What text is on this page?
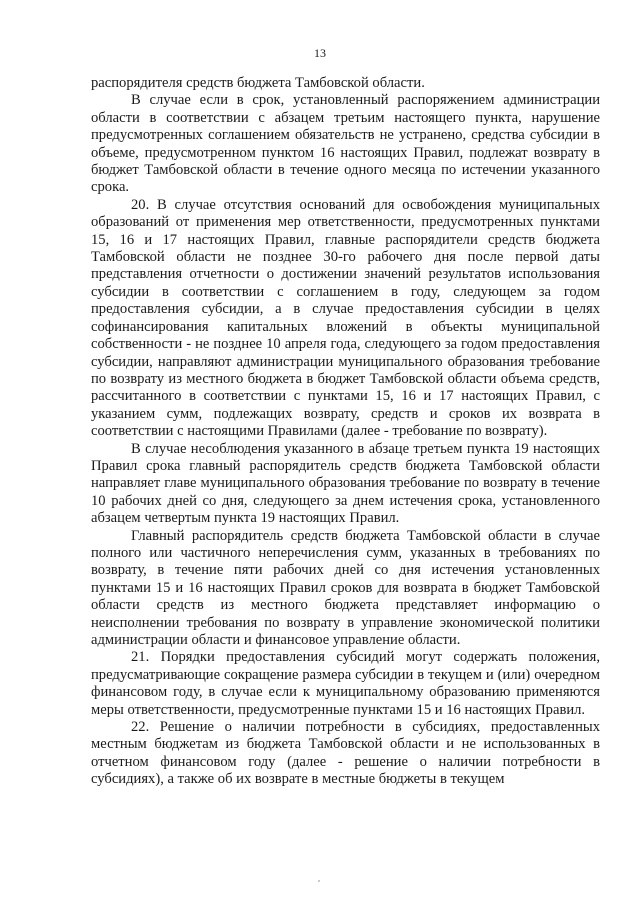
13

распорядителя средств бюджета Тамбовской области.

В случае если в срок, установленный распоряжением администрации области в соответствии с абзацем третьим настоящего пункта, нарушение предусмотренных соглашением обязательств не устранено, средства субсидии в объеме, предусмотренном пунктом 16 настоящих Правил, подлежат возврату в бюджет Тамбовской области в течение одного месяца по истечении указанного срока.

20. В случае отсутствия оснований для освобождения муниципальных образований от применения мер ответственности, предусмотренных пунктами 15, 16 и 17 настоящих Правил, главные распорядители средств бюджета Тамбовской области не позднее 30-го рабочего дня после первой даты представления отчетности о достижении значений результатов использования субсидии в соответствии с соглашением в году, следующем за годом предоставления субсидии, а в случае предоставления субсидии в целях софинансирования капитальных вложений в объекты муниципальной собственности - не позднее 10 апреля года, следующего за годом предоставления субсидии, направляют администрации муниципального образования требование по возврату из местного бюджета в бюджет Тамбовской области объема средств, рассчитанного в соответствии с пунктами 15, 16 и 17 настоящих Правил, с указанием сумм, подлежащих возврату, средств и сроков их возврата в соответствии с настоящими Правилами (далее - требование по возврату).

В случае несоблюдения указанного в абзаце третьем пункта 19 настоящих Правил срока главный распорядитель средств бюджета Тамбовской области направляет главе муниципального образования требование по возврату в течение 10 рабочих дней со дня, следующего за днем истечения срока, установленного абзацем четвертым пункта 19 настоящих Правил.

Главный распорядитель средств бюджета Тамбовской области в случае полного или частичного неперечисления сумм, указанных в требованиях по возврату, в течение пяти рабочих дней со дня истечения установленных пунктами 15 и 16 настоящих Правил сроков для возврата в бюджет Тамбовской области средств из местного бюджета представляет информацию о неисполнении требования по возврату в управление экономической политики администрации области и финансовое управление области.

21. Порядки предоставления субсидий могут содержать положения, предусматривающие сокращение размера субсидии в текущем и (или) очередном финансовом году, в случае если к муниципальному образованию применяются меры ответственности, предусмотренные пунктами 15 и 16 настоящих Правил.

22. Решение о наличии потребности в субсидиях, предоставленных местным бюджетам из бюджета Тамбовской области и не использованных в отчетном финансовом году (далее - решение о наличии потребности в субсидиях), а также об их возврате в местные бюджеты в текущем
